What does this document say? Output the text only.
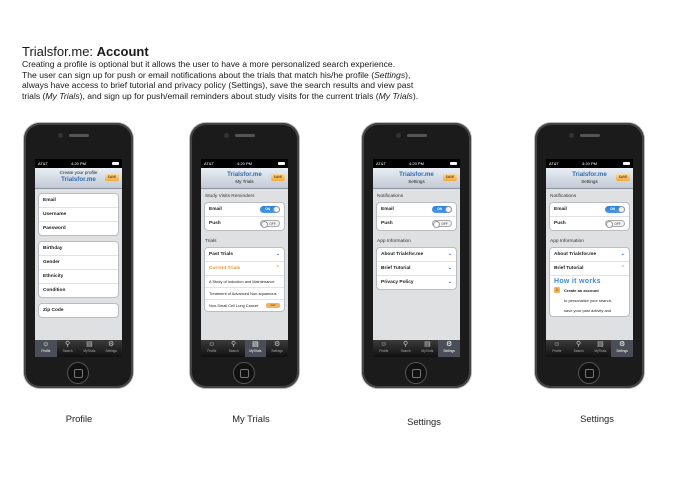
Trialsfor.me: Account

Creating a profile is optional but it allows the user to have a more personalized search experience.
The user can sign up for push or email notifications about the trials that match his/he profile (Settings),
always have access to brief tutorial and privacy policy (Settings), save the search results and view past
trials (My Trials), and sign up for push/email reminders about study visits for the current trials (My Trials).

AT&T	4:20 PM
Create your profile
Trialsfor.me	SAVE
Email
Username
Password
Birthday
Gender
Ethnicity
Condition
Zip Code
☺
Profile
⚲
Search
▤
MyTrials
⚙
Settings
AT&T	4:20 PM
Trialsfor.me
My Trials
SAVE
Study Visits Reminders
Email	ON
Push	OFF
Trials
Past Trials	⌄
Current Trials	⌃
A Study of Induction and Maintenance
Treatment of Advanced Non-squamous
Non-Small Cell Lung Cancer	GO
☺
Profile
⚲
Search
▤
MyTrials
⚙
Settings
AT&T	4:20 PM
Trialsfor.me
Settings
SAVE
Notifications
Email	ON
Push	OFF
App Information
About Trialsfor.me	⌄
Brief Tutorial	⌄
Privacy Policy	⌄
☺
Profile
⚲
Search
▤
MyTrials
⚙
Settings
AT&T	4:20 PM
Trialsfor.me
Settings
SAVE
Notifications
Email	ON
Push	OFF
App Information
About Trialsfor.me	⌄
Brief Tutorial	⌃
How it works
1	Create an account
to personalize your search,
save your past activity and
☺
Profile
⚲
Search
▤
MyTrials
⚙
Settings
Profile	My Trials	Settings	Settings
